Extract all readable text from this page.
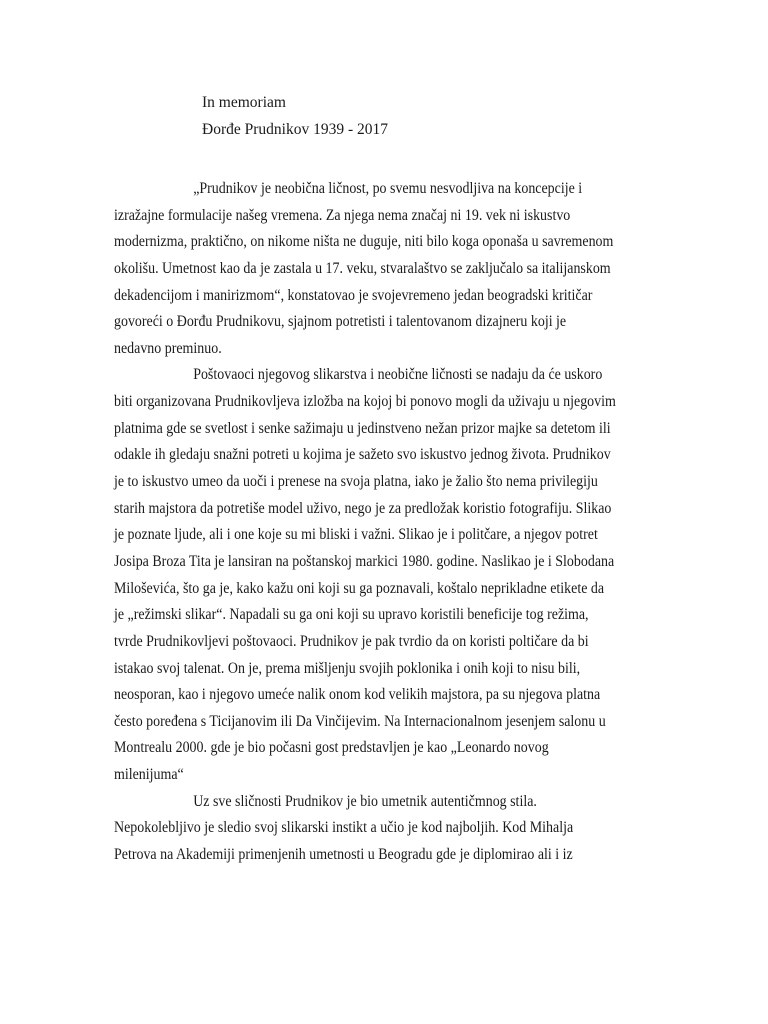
In memoriam
Đorđe Prudnikov 1939 - 2017
„Prudnikov je neobična ličnost, po svemu nesvodljiva na koncepcije i
izražajne formulacije našeg vremena. Za njega nema značaj ni 19. vek ni iskustvo
modernizma, praktično, on nikome ništa ne duguje, niti bilo koga oponaša u savremenom
okolišu. Umetnost kao da je zastala u 17. veku, stvaralaštvo se zaključalo sa italijanskom
dekadencijom i manirizmom“, konstatovao je svojevremeno jedan beogradski kritičar
govoreći o Đorđu Prudnikovu, sjajnom potretisti i talentovanom dizajneru koji je
nedavno preminuo.
Poštovaoci njegovog slikarstva i neobične ličnosti se nadaju da će uskoro
biti organizovana Prudnikovljeva izložba na kojoj bi ponovo mogli da uživaju u njegovim
platnima gde se svetlost i senke sažimaju u jedinstveno nežan prizor majke sa detetom ili
odakle ih gledaju snažni potreti u kojima je sažeto svo iskustvo jednog života. Prudnikov
je to iskustvo umeo da uoči i prenese na svoja platna, iako je žalio što nema privilegiju
starih majstora da potretiše model uživo, nego je za predložak koristio fotografiju. Slikao
je poznate ljude, ali i one koje su mi bliski i važni. Slikao je i politčare, a njegov potret
Josipa Broza Tita je lansiran na poštanskoj markici 1980. godine. Naslikao je i Slobodana
Miloševića, što ga je, kako kažu oni koji su ga poznavali, koštalo neprikladne etikete da
je „režimski slikar“. Napadali su ga oni koji su upravo koristili beneficije tog režima,
tvrde Prudnikovljevi poštovaoci. Prudnikov je pak tvrdio da on koristi poltičare da bi
istakao svoj talenat. On je, prema mišljenju svojih poklonika i onih koji to nisu bili,
neosporan, kao i njegovo umeće nalik onom kod velikih majstora, pa su njegova platna
često poređena s Ticijanovim ili Da Vinčijevim. Na Internacionalnom jesenjem salonu u
Montrealu 2000. gde je bio počasni gost predstavljen je kao „Leonardo novog
milenijuma“
Uz sve sličnosti Prudnikov je bio umetnik autentičmnog stila.
Nepokolebljivo je sledio svoj slikarski instikt a učio je kod najboljih. Kod Mihalja
Petrova na Akademiji primenjenih umetnosti u Beogradu gde je diplomirao ali i iz
